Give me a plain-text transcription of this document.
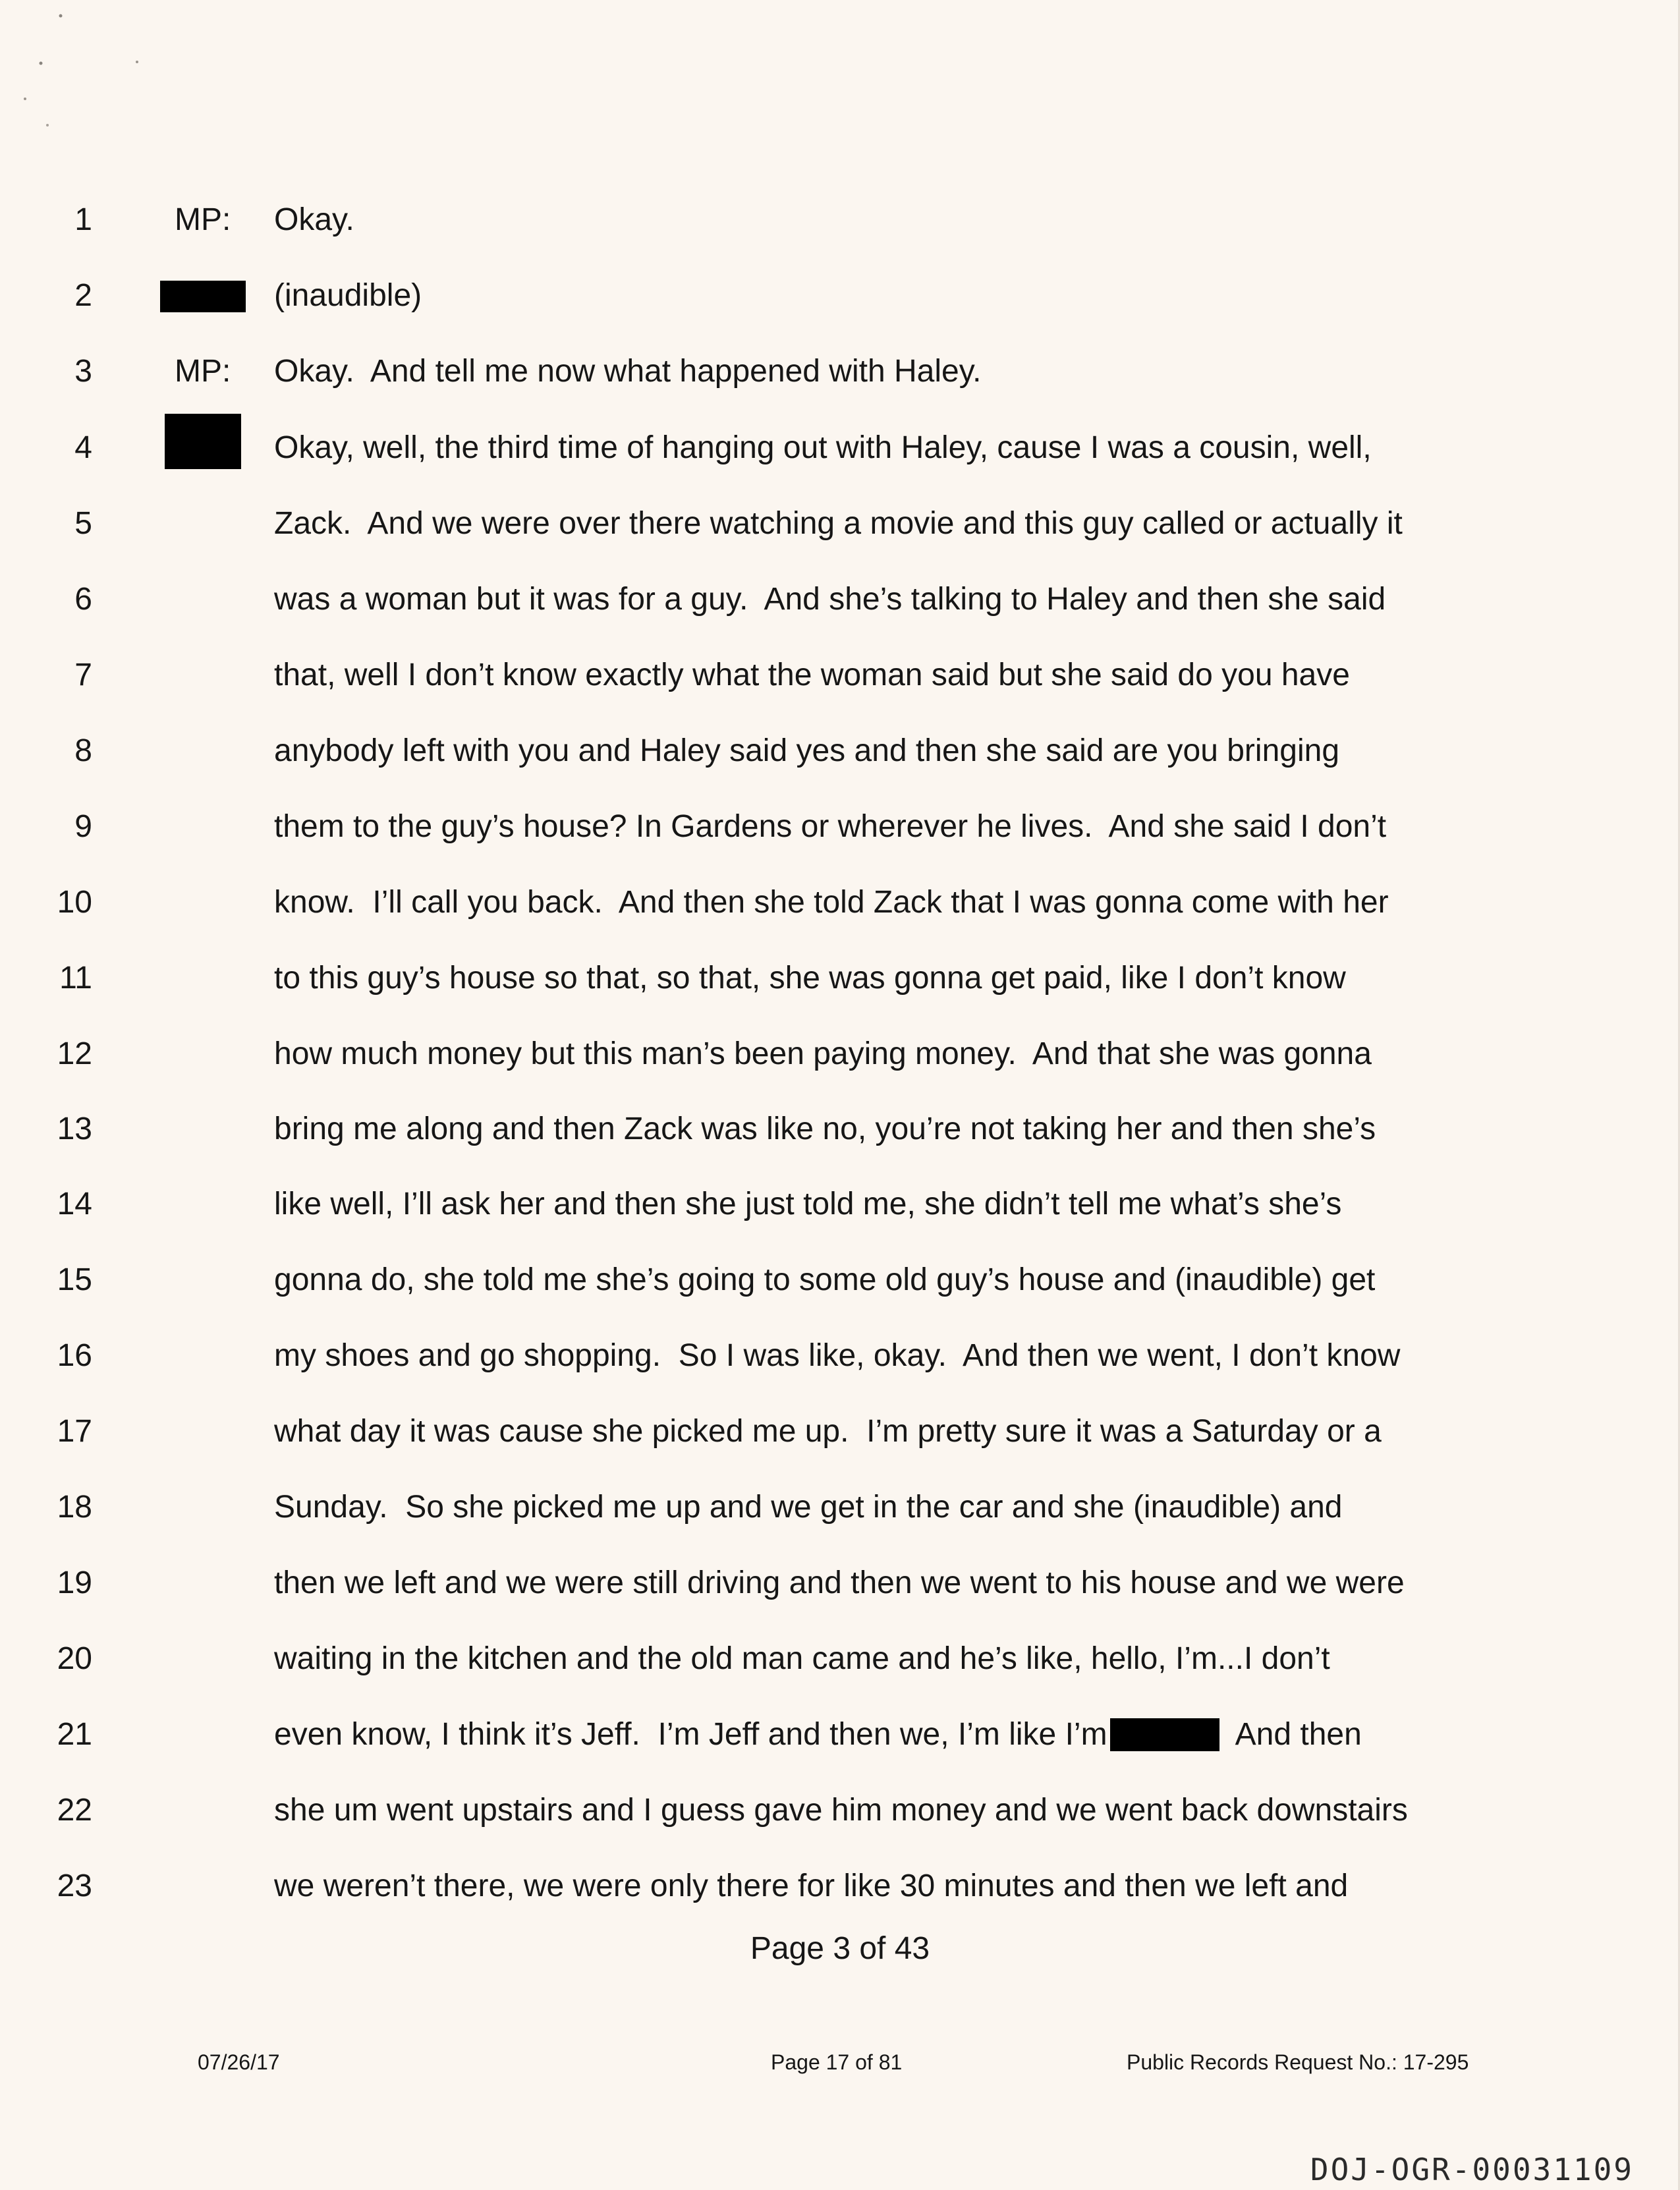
1	MP: Okay.
2	(inaudible)
3	MP: Okay.  And tell me now what happened with Haley.
4	Okay, well, the third time of hanging out with Haley, cause I was a cousin, well,
5	Zack.  And we were over there watching a movie and this guy called or actually it
6	was a woman but it was for a guy.  And she’s talking to Haley and then she said
7	that, well I don’t know exactly what the woman said but she said do you have
8	anybody left with you and Haley said yes and then she said are you bringing
9	them to the guy’s house? In Gardens or wherever he lives.  And she said I don’t
10	know.  I’ll call you back.  And then she told Zack that I was gonna come with her
11	to this guy’s house so that, so that, she was gonna get paid, like I don’t know
12	how much money but this man’s been paying money.  And that she was gonna
13	bring me along and then Zack was like no, you’re not taking her and then she’s
14	like well, I’ll ask her and then she just told me, she didn’t tell me what’s she’s
15	gonna do, she told me she’s going to some old guy’s house and (inaudible) get
16	my shoes and go shopping.  So I was like, okay.  And then we went, I don’t know
17	what day it was cause she picked me up.  I’m pretty sure it was a Saturday or a
18	Sunday.  So she picked me up and we get in the car and she (inaudible) and
19	then we left and we were still driving and then we went to his house and we were
20	waiting in the kitchen and the old man came and he’s like, hello, I’m...I don’t
21	even know, I think it’s Jeff.  I’m Jeff and then we, I’m like I’m	And then
22	she um went upstairs and I guess gave him money and we went back downstairs
23	we weren’t there, we were only there for like 30 minutes and then we left and
Page 3 of 43
07/26/17	Page 17 of 81	Public Records Request No.: 17-295
DOJ-OGR-00031109
